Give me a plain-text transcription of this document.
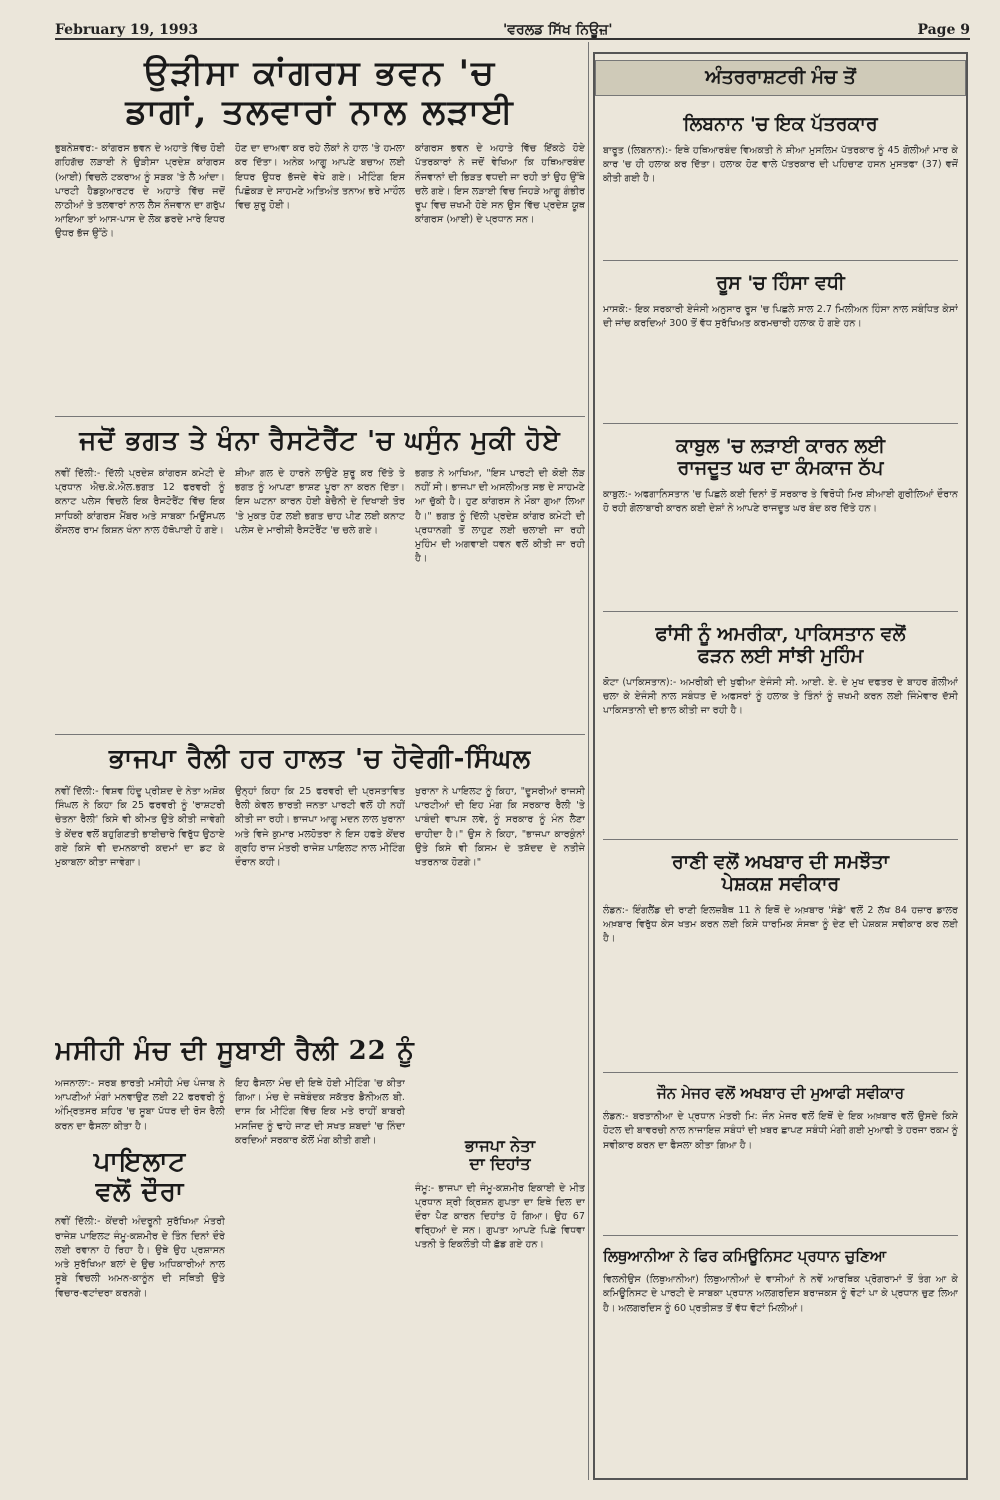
February 19, 1993	'ਵਰਲਡ ਸਿੱਖ ਨਿਊਜ਼'	Page 9
ਉੜੀਸਾ ਕਾਂਗਰਸ ਭਵਨ 'ਚ
ਡਾਗਾਂ, ਤਲਵਾਰਾਂ ਨਾਲ ਲੜਾਈ

ਭੁਬਨੇਸ਼ਵਰ:- ਕਾਂਗਰਸ ਭਵਨ ਦੇ ਅਹਾਤੇ ਵਿੱਚ ਹੋਈ ਗਹਿਗੱਚ ਲੜਾਈ ਨੇ ਉੜੀਸਾ ਪ੍ਰਦੇਸ਼ ਕਾਂਗਰਸ (ਆਈ) ਵਿਚਲੇ ਟਕਰਾਅ ਨੂੰ ਸੜਕ 'ਤੇ ਲੈ ਆਂਦਾ। ਪਾਰਟੀ ਹੈਡਕੁਆਰਟਰ ਦੇ ਅਹਾਤੇ ਵਿੱਚ ਜਦੋਂ ਲਾਠੀਆਂ ਤੇ ਤਲਵਾਰਾਂ ਨਾਲ ਲੈਸ ਨੌਜਵਾਨ ਦਾ ਗਰੁੱਪ ਆਇਆ ਤਾਂ ਆਸ-ਪਾਸ ਦੇ ਲੋਕ ਡਰਦੇ ਮਾਰੇ ਇਧਰ ਉਧਰ ਭੱਜ ਉੱਠੇ।

ਹੋਣ ਦਾ ਦਾਅਵਾ ਕਰ ਰਹੇ ਲੋਕਾਂ ਨੇ ਹਾਲ 'ਤੇ ਹਮਲਾ ਕਰ ਦਿੱਤਾ। ਅਨੇਕ ਆਗੂ ਆਪਣੇ ਬਚਾਅ ਲਈ ਇਧਰ ਉਧਰ ਭੱਜਦੇ ਵੇਖੇ ਗਏ। ਮੀਟਿੰਗ ਇਸ ਪਿਛੋਕੜ ਦੇ ਸਾਹਮਣੇ ਅਤਿਅੰਤ ਤਨਾਅ ਭਰੇ ਮਾਹੌਲ ਵਿਚ ਸ਼ੁਰੂ ਹੋਈ।

ਕਾਂਗਰਸ ਭਵਨ ਦੇ ਅਹਾਤੇ ਵਿੱਚ ਇੱਕਠੇ ਹੋਏ ਪੱਤਰਕਾਰਾਂ ਨੇ ਜਦੋਂ ਵੇਖਿਆ ਕਿ ਹਥਿਆਰਬੰਦ ਨੌਜਵਾਨਾਂ ਦੀ ਭਿੜਤ ਵਧਦੀ ਜਾ ਰਹੀ ਤਾਂ ਉਹ ਉੱਥੇ ਚਲੇ ਗਏ। ਇਸ ਲੜਾਈ ਵਿਚ ਜਿਹੜੇ ਆਗੂ ਗੰਭੀਰ ਰੂਪ ਵਿਚ ਜ਼ਖਮੀ ਹੋਏ ਸਨ ਉਸ ਵਿੱਚ ਪ੍ਰਦੇਸ਼ ਯੂਥ ਕਾਂਗਰਸ (ਆਈ) ਦੇ ਪ੍ਰਧਾਨ ਸਨ।

ਜਦੋਂ ਭਗਤ ਤੇ ਖੰਨਾ ਰੈਸਟੋਰੈਂਟ 'ਚ ਘਸੁੰਨ ਮੁਕੀ ਹੋਏ

ਨਵੀਂ ਦਿੱਲੀ:- ਦਿੱਲੀ ਪ੍ਰਦੇਸ਼ ਕਾਂਗਰਸ ਕਮੇਟੀ ਦੇ ਪ੍ਰਧਾਨ ਐਚ.ਕੇ.ਐਲ.ਭਗਤ 12 ਫਰਵਰੀ ਨੂੰ ਕਨਾਟ ਪਲੇਸ ਵਿਚਲੇ ਇਕ ਰੈਸਟੋਰੈਂਟ ਵਿੱਚ ਇਕ ਸਾਧਿਕੀ ਕਾਂਗਰਸ ਮੈਂਬਰ ਅਤੇ ਸਾਬਕਾ ਮਿਊਂਸਪਲ ਕੌਂਸਲਰ ਰਾਮ ਕਿਸ਼ਨ ਖੰਨਾ ਨਾਲ ਹੱਥੋਪਾਈ ਹੋ ਗਏ।

ਸ਼ੀਆ ਗਲ ਦੇ ਹਾਰਨੇ ਲਾਉਣੇ ਸ਼ੁਰੂ ਕਰ ਦਿੱਤੇ ਤੇ ਭਗਤ ਨੂੰ ਆਪਣਾ ਭਾਸ਼ਣ ਪੂਰਾ ਨਾ ਕਰਨ ਦਿੱਤਾ। ਇਸ ਘਟਨਾ ਕਾਰਨ ਹੋਈ ਬੇਚੈਨੀ ਦੇ ਦਿਖਾਈ ਤੋਰ 'ਤੇ ਮੁਕਤ ਹੋਣ ਲਈ ਭਗਤ ਚਾਹ ਪੀਣ ਲਈ ਕਨਾਟ ਪਲੇਸ ਦੇ ਮਾਰੀਸ਼ੀ ਰੈਸਟੋਰੈਂਟ 'ਚ ਚਲੇ ਗਏ।

ਭਗਤ ਨੇ ਆਖਿਆ, "ਇਸ ਪਾਰਟੀ ਦੀ ਕੋਈ ਲੋੜ ਨਹੀਂ ਸੀ। ਭਾਜਪਾ ਦੀ ਅਸਲੀਅਤ ਸਭ ਦੇ ਸਾਹਮਣੇ ਆ ਚੁੱਕੀ ਹੈ। ਹੁਣ ਕਾਂਗਰਸ ਨੇ ਮੌਕਾ ਗੁਆ ਲਿਆ ਹੈ।" ਭਗਤ ਨੂੰ ਦਿੱਲੀ ਪ੍ਰਦੇਸ਼ ਕਾਂਗਰ ਕਮੇਟੀ ਦੀ ਪ੍ਰਧਾਨਗੀ ਤੋਂ ਲਾਹੁਣ ਲਈ ਚਲਾਈ ਜਾ ਰਹੀ ਮੁਹਿੰਮ ਦੀ ਅਗਵਾਈ ਧਵਨ ਵਲੋਂ ਕੀਤੀ ਜਾ ਰਹੀ ਹੈ।

ਭਾਜਪਾ ਰੈਲੀ ਹਰ ਹਾਲਤ 'ਚ ਹੋਵੇਗੀ-ਸਿੰਘਲ

ਨਵੀਂ ਦਿੱਲੀ:- ਵਿਸ਼ਵ ਹਿੰਦੂ ਪ੍ਰੀਸ਼ਦ ਦੇ ਨੇਤਾ ਅਸ਼ੋਕ ਸਿੰਘਲ ਨੇ ਕਿਹਾ ਕਿ 25 ਫਰਵਰੀ ਨੂੰ 'ਰਾਸ਼ਟਰੀ ਚੇਤਨਾ ਰੈਲੀ' ਕਿਸੇ ਵੀ ਕੀਮਤ ਉਤੇ ਕੀਤੀ ਜਾਵੇਗੀ ਤੇ ਕੇਂਦਰ ਵਲੋਂ ਬਹੁਗਿਣਤੀ ਭਾਈਚਾਰੇ ਵਿਰੁੱਧ ਉਠਾਏ ਗਏ ਕਿਸੇ ਵੀ ਦਮਨਕਾਰੀ ਕਦਮਾਂ ਦਾ ਡਟ ਕੇ ਮੁਕਾਬਲਾ ਕੀਤਾ ਜਾਵੇਗਾ।

ਉਨ੍ਹਾਂ ਕਿਹਾ ਕਿ 25 ਫਰਵਰੀ ਦੀ ਪ੍ਰਸਤਾਵਿਤ ਰੈਲੀ ਕੇਵਲ ਭਾਰਤੀ ਜਨਤਾ ਪਾਰਟੀ ਵਲੋਂ ਹੀ ਨਹੀਂ ਕੀਤੀ ਜਾ ਰਹੀ। ਭਾਜਪਾ ਆਗੂ ਮਦਨ ਲਾਲ ਖੁਰਾਨਾ ਅਤੇ ਵਿਜੇ ਕੁਮਾਰ ਮਲਹੋਤਰਾ ਨੇ ਇਸ ਹਫਤੇ ਕੇਂਦਰ ਗ੍ਰਹਿ ਰਾਜ ਮੰਤਰੀ ਰਾਜੇਸ਼ ਪਾਇਲਟ ਨਾਲ ਮੀਟਿੰਗ ਦੌਰਾਨ ਕਹੀ।

ਖੁਰਾਨਾ ਨੇ ਪਾਇਲਟ ਨੂੰ ਕਿਹਾ, "ਦੂਸਰੀਆਂ ਰਾਜਸੀ ਪਾਰਟੀਆਂ ਦੀ ਇਹ ਮੰਗ ਕਿ ਸਰਕਾਰ ਰੈਲੀ 'ਤੇ ਪਾਬੰਦੀ ਵਾਪਸ ਲਵੇ, ਨੂੰ ਸਰਕਾਰ ਨੂੰ ਮੰਨ ਲੈਣਾ ਚਾਹੀਦਾ ਹੈ।" ਉਸ ਨੇ ਕਿਹਾ, "ਭਾਜਪਾ ਕਾਰਕੁੰਨਾਂ ਉਤੇ ਕਿਸੇ ਵੀ ਕਿਸਮ ਦੇ ਤਸ਼ੱਦਦ ਦੇ ਨਤੀਜੇ ਖਤਰਨਾਕ ਹੋਣਗੇ।"

ਮਸੀਹੀ ਮੰਚ ਦੀ ਸੂਬਾਈ ਰੈਲੀ 22 ਨੂੰ

ਅਜਨਾਲਾ:- ਸਰਬ ਭਾਰਤੀ ਮਸੀਹੀ ਮੰਚ ਪੰਜਾਬ ਨੇ ਆਪਣੀਆਂ ਮੰਗਾਂ ਮਨਵਾਉਣ ਲਈ 22 ਫਰਵਰੀ ਨੂੰ ਅੰਮ੍ਰਿਤਸਰ ਸ਼ਹਿਰ 'ਚ ਸੂਬਾ ਪੱਧਰ ਦੀ ਰੋਸ ਰੈਲੀ ਕਰਨ ਦਾ ਫੈਸਲਾ ਕੀਤਾ ਹੈ।

ਪਾਇਲਾਟ
ਵਲੋਂ ਦੌਰਾ

ਨਵੀਂ ਦਿੱਲੀ:- ਕੇਂਦਰੀ ਅੰਦਰੂਨੀ ਸੁਰੱਖਿਆ ਮੰਤਰੀ ਰਾਜੇਸ਼ ਪਾਇਲਟ ਜੰਮੂ-ਕਸ਼ਮੀਰ ਦੇ ਤਿੰਨ ਦਿਨਾਂ ਦੌਰੇ ਲਈ ਰਵਾਨਾ ਹੋ ਰਿਹਾ ਹੈ। ਉਥੇ ਉਹ ਪ੍ਰਸ਼ਾਸਨ ਅਤੇ ਸੁਰੱਖਿਆ ਬਲਾਂ ਦੇ ਉਚ ਅਧਿਕਾਰੀਆਂ ਨਾਲ ਸੂਬੇ ਵਿਚਲੀ ਅਮਨ-ਕਾਨੂੰਨ ਦੀ ਸਥਿਤੀ ਉਤੇ ਵਿਚਾਰ-ਵਟਾਂਦਰਾ ਕਰਨਗੇ।

ਇਹ ਫੈਸਲਾ ਮੰਚ ਦੀ ਇਥੇ ਹੋਈ ਮੀਟਿੰਗ 'ਚ ਕੀਤਾ ਗਿਆ। ਮੰਚ ਦੇ ਜਥੇਬੰਦਕ ਸਕੱਤਰ ਡੈਨੀਅਲ ਬੀ. ਦਾਸ ਕਿ ਮੀਟਿੰਗ ਵਿੱਚ ਇਕ ਮਤੇ ਰਾਹੀਂ ਬਾਬਰੀ ਮਸਜਿਦ ਨੂੰ ਢਾਹੇ ਜਾਣ ਦੀ ਸਖਤ ਸ਼ਬਦਾਂ 'ਚ ਨਿੰਦਾ ਕਰਦਿਆਂ ਸਰਕਾਰ ਕੋਲੋਂ ਮੰਗ ਕੀਤੀ ਗਈ।	ਭਾਜਪਾ ਨੇਤਾ
ਦਾ ਦਿਹਾਂਤ

ਜੰਮੂ:- ਭਾਜਪਾ ਦੀ ਜੰਮੂ-ਕਸ਼ਮੀਰ ਇਕਾਈ ਦੇ ਮੀਤ ਪ੍ਰਧਾਨ ਸ਼੍ਰੀ ਕ੍ਰਿਸ਼ਨ ਗੁਪਤਾ ਦਾ ਇਥੇ ਦਿਲ ਦਾ ਦੌਰਾ ਪੈਣ ਕਾਰਨ ਦਿਹਾਂਤ ਹੋ ਗਿਆ। ਉਹ 67 ਵਰ੍ਹਿਆਂ ਦੇ ਸਨ। ਗੁਪਤਾ ਆਪਣੇ ਪਿਛੇ ਵਿਧਵਾ ਪਤਨੀ ਤੇ ਇਕਲੌਤੀ ਧੀ ਛੱਡ ਗਏ ਹਨ।

ਅੰਤਰਰਾਸ਼ਟਰੀ ਮੰਚ ਤੋਂ
ਲਿਬਨਾਨ 'ਚ ਇਕ ਪੱਤਰਕਾਰ

ਬਾਰੂਤ (ਲਿਬਨਾਨ):- ਇਥੇ ਹਥਿਆਰਬੰਦ ਵਿਅਕਤੀ ਨੇ ਸ਼ੀਆ ਮੁਸਲਿਮ ਪੱਤਰਕਾਰ ਨੂੰ 45 ਗੋਲੀਆਂ ਮਾਰ ਕੇ ਕਾਰ 'ਚ ਹੀ ਹਲਾਕ ਕਰ ਦਿੱਤਾ। ਹਲਾਕ ਹੋਣ ਵਾਲੇ ਪੱਤਰਕਾਰ ਦੀ ਪਹਿਚਾਣ ਹਸਨ ਮੁਸਤਫਾ (37) ਵਜੋਂ ਕੀਤੀ ਗਈ ਹੈ।

ਰੂਸ 'ਚ ਹਿੰਸਾ ਵਧੀ

ਮਾਸਕੋ:- ਇਕ ਸਰਕਾਰੀ ਏਜੰਸੀ ਅਨੁਸਾਰ ਰੂਸ 'ਚ ਪਿਛਲੇ ਸਾਲ 2.7 ਮਿਲੀਅਨ ਹਿੰਸਾ ਨਾਲ ਸਬੰਧਿਤ ਕੇਸਾਂ ਦੀ ਜਾਂਚ ਕਰਦਿਆਂ 300 ਤੋਂ ਵੱਧ ਸੁਰੱਖਿਅਤ ਕਰਮਚਾਰੀ ਹਲਾਕ ਹੋ ਗਏ ਹਨ।

ਕਾਬੁਲ 'ਚ ਲੜਾਈ ਕਾਰਨ ਲਈ
ਰਾਜਦੂਤ ਘਰ ਦਾ ਕੰਮਕਾਜ ਠੱਪ

ਕਾਬੁਲ:- ਅਫਗਾਨਿਸਤਾਨ 'ਚ ਪਿਛਲੇ ਕਈ ਦਿਨਾਂ ਤੋਂ ਸਰਕਾਰ ਤੇ ਵਿਰੋਧੀ ਮਿਰ ਸ਼ੀਆਈ ਗੁਰੀਲਿਆਂ ਦੌਰਾਨ ਹੋ ਰਹੀ ਗੋਲਾਬਾਰੀ ਕਾਰਨ ਕਈ ਦੇਸ਼ਾਂ ਨੇ ਆਪਣੇ ਰਾਜਦੂਤ ਘਰ ਬੰਦ ਕਰ ਦਿੱਤੇ ਹਨ।

ਫਾਂਸੀ ਨੂੰ ਅਮਰੀਕਾ, ਪਾਕਿਸਤਾਨ ਵਲੋਂ
ਫੜਨ ਲਈ ਸਾਂਝੀ ਮੁਹਿੰਮ

ਕੋਟਾ (ਪਾਕਿਸਤਾਨ):- ਅਮਰੀਕੀ ਦੀ ਖੁਫੀਆ ਏਜੰਸੀ ਸੀ. ਆਈ. ਏ. ਦੇ ਮੁਖ ਦਫਤਰ ਦੇ ਬਾਹਰ ਗੋਲੀਆਂ ਚਲਾ ਕੇ ਏਜੰਸੀ ਨਾਲ ਸਬੰਧਤ ਦੋ ਅਫਸਰਾਂ ਨੂੰ ਹਲਾਕ ਤੇ ਤਿੰਨਾਂ ਨੂੰ ਜ਼ਖਮੀ ਕਰਨ ਲਈ ਜਿੰਮੇਵਾਰ ਦੱਸੀ ਪਾਕਿਸਤਾਨੀ ਦੀ ਭਾਲ ਕੀਤੀ ਜਾ ਰਹੀ ਹੈ।

ਰਾਣੀ ਵਲੋਂ ਅਖਬਾਰ ਦੀ ਸਮਝੌਤਾ
ਪੇਸ਼ਕਸ਼ ਸਵੀਕਾਰ

ਲੰਡਨ:- ਇੰਗਲੈਂਡ ਦੀ ਰਾਣੀ ਇਲਜ਼ਬੈਥ 11 ਨੇ ਇਥੋਂ ਦੇ ਅਖ਼ਬਾਰ 'ਸੰਡੇ' ਵਲੋਂ 2 ਲੱਖ 84 ਹਜ਼ਾਰ ਡਾਲਰ ਅਖ਼ਬਾਰ ਵਿਰੁੱਧ ਕੇਸ ਖਤਮ ਕਰਨ ਲਈ ਕਿਸੇ ਧਾਰਮਿਕ ਸੰਸਥਾ ਨੂੰ ਦੇਣ ਦੀ ਪੇਸ਼ਕਸ਼ ਸਵੀਕਾਰ ਕਰ ਲਈ ਹੈ।

ਜੌਨ ਮੇਜਰ ਵਲੋਂ ਅਖਬਾਰ ਦੀ ਮੁਆਫੀ ਸਵੀਕਾਰ

ਲੰਡਨ:- ਬਰਤਾਨੀਆ ਦੇ ਪ੍ਰਧਾਨ ਮੰਤਰੀ ਮਿ: ਜੌਨ ਮੇਜਰ ਵਲੋਂ ਇਥੋਂ ਦੇ ਇਕ ਅਖ਼ਬਾਰ ਵਲੋਂ ਉਸਦੇ ਕਿਸੇ ਹੋਟਲ ਦੀ ਬਾਵਰਚੀ ਨਾਲ ਨਾਜਾਇਜ਼ ਸਬੰਧਾਂ ਦੀ ਖ਼ਬਰ ਛਾਪਣ ਸਬੰਧੀ ਮੰਗੀ ਗਈ ਮੁਆਫੀ ਤੇ ਹਰਜਾ ਰਕਮ ਨੂੰ ਸਵੀਕਾਰ ਕਰਨ ਦਾ ਫੈਸਲਾ ਕੀਤਾ ਗਿਆ ਹੈ।

ਲਿਥੁਆਨੀਆ ਨੇ ਫਿਰ ਕਮਿਊਨਿਸਟ ਪ੍ਰਧਾਨ ਚੁਣਿਆ

ਵਿਲਨੀਉਸ (ਲਿਥੁਆਨੀਆ) ਲਿਥੁਆਨੀਆਂ ਦੇ ਵਾਸੀਆਂ ਨੇ ਨਵੇਂ ਆਰਥਿਕ ਪ੍ਰੋਗਰਾਮਾਂ ਤੋਂ ਤੰਗ ਆ ਕੇ ਕਮਿਊਨਿਸਟ ਦੇ ਪਾਰਟੀ ਦੇ ਸਾਬਕਾ ਪ੍ਰਧਾਨ ਅਲਗਰਦਿਸ ਬਰਾਜਕਸ ਨੂੰ ਵੋਟਾਂ ਪਾ ਕੇ ਪ੍ਰਧਾਨ ਚੁਣ ਲਿਆ ਹੈ। ਅਲਗਰਦਿਸ ਨੂੰ 60 ਪ੍ਰਤੀਸ਼ਤ ਤੋਂ ਵੱਧ ਵੋਟਾਂ ਮਿਲੀਆਂ।
